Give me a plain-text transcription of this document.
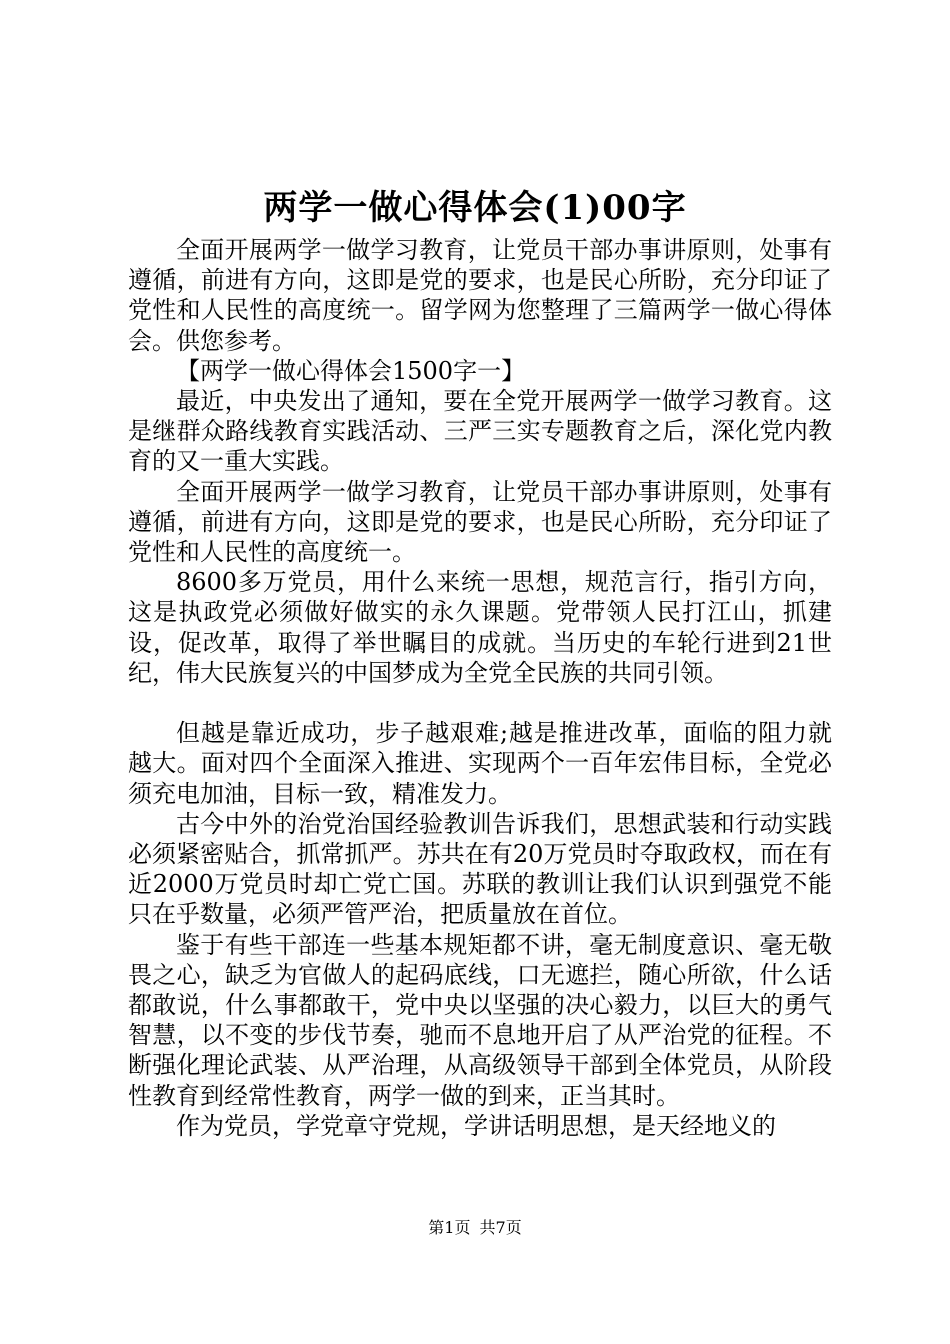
两学一做心得体会(1)00字

全面开展两学一做学习教育，让党员干部办事讲原则，处事有遵循，前进有方向，这即是党的要求，也是民心所盼，充分印证了党性和人民性的高度统一。留学网为您整理了三篇两学一做心得体会。供您参考。

【两学一做心得体会1500字一】

最近，中央发出了通知，要在全党开展两学一做学习教育。这是继群众路线教育实践活动、三严三实专题教育之后，深化党内教育的又一重大实践。

全面开展两学一做学习教育，让党员干部办事讲原则，处事有遵循，前进有方向，这即是党的要求，也是民心所盼，充分印证了党性和人民性的高度统一。

8600多万党员，用什么来统一思想，规范言行，指引方向，这是执政党必须做好做实的永久课题。党带领人民打江山，抓建设，促改革，取得了举世瞩目的成就。当历史的车轮行进到21世纪，伟大民族复兴的中国梦成为全党全民族的共同引领。

但越是靠近成功，步子越艰难;越是推进改革，面临的阻力就越大。面对四个全面深入推进、实现两个一百年宏伟目标，全党必须充电加油，目标一致，精准发力。

古今中外的治党治国经验教训告诉我们，思想武装和行动实践必须紧密贴合，抓常抓严。苏共在有20万党员时夺取政权，而在有近2000万党员时却亡党亡国。苏联的教训让我们认识到强党不能只在乎数量，必须严管严治，把质量放在首位。

鉴于有些干部连一些基本规矩都不讲，毫无制度意识、毫无敬畏之心，缺乏为官做人的起码底线，口无遮拦，随心所欲，什么话都敢说，什么事都敢干，党中央以坚强的决心毅力，以巨大的勇气智慧，以不变的步伐节奏，驰而不息地开启了从严治党的征程。不断强化理论武装、从严治理，从高级领导干部到全体党员，从阶段性教育到经常性教育，两学一做的到来，正当其时。

作为党员，学党章守党规，学讲话明思想，是天经地义的

第1页 共7页
